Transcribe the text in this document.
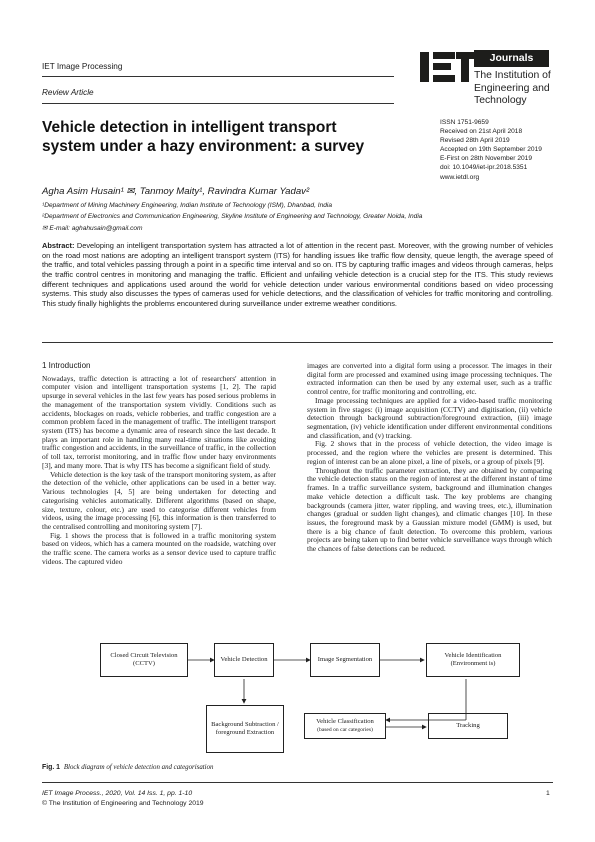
IET Image Processing
Review Article
Journals
The Institution of
Engineering and Technology
Vehicle detection in intelligent transport
system under a hazy environment: a survey
ISSN 1751-9659
Received on 21st April 2018
Revised 28th April 2019
Accepted on 19th September 2019
E-First on 28th November 2019
doi: 10.1049/iet-ipr.2018.5351
www.ietdl.org
Agha Asim Husain¹ ✉, Tanmoy Maity¹, Ravindra Kumar Yadav²
¹Department of Mining Machinery Engineering, Indian Institute of Technology (ISM), Dhanbad, India
²Department of Electronics and Communication Engineering, Skyline Institute of Engineering and Technology, Greater Noida, India
✉ E-mail: aghahusain@gmail.com
Abstract: Developing an intelligent transportation system has attracted a lot of attention in the recent past. Moreover, with the growing number of vehicles on the road most nations are adopting an intelligent transport system (ITS) for handling issues like traffic flow density, queue length, the average speed of the traffic, and total vehicles passing through a point in a specific time interval and so on. ITS by capturing traffic images and videos through cameras, helps the traffic control centres in monitoring and managing the traffic. Efficient and unfailing vehicle detection is a crucial step for the ITS. This study reviews different techniques and applications used around the world for vehicle detection under various environmental conditions based on video processing systems. This study also discusses the types of cameras used for vehicle detections, and the classification of vehicles for traffic monitoring and controlling. This study finally highlights the problems encountered during surveillance under extreme weather conditions.
1 Introduction

Nowadays, traffic detection is attracting a lot of researchers' attention in computer vision and intelligent transportation systems [1, 2]. The rapid upsurge in several vehicles in the last few years has posed serious problems in the management of the transportation system vividly. Conditions such as accidents, blockages on roads, vehicle robberies, and traffic congestion are a common problem faced in the management of traffic. The intelligent transport system (ITS) has become a dynamic area of research since the last decade. It plays an important role in handling many real-time situations like avoiding traffic congestion and accidents, in the surveillance of traffic, in the collection of toll tax, terrorist monitoring, and in traffic flow under hazy environments [3], and many more. That is why ITS has become a significant field of study.

Vehicle detection is the key task of the transport monitoring system, as after the detection of the vehicle, other applications can be used in a better way. Various technologies [4, 5] are being undertaken for detecting and categorising vehicles automatically. Different algorithms (based on shape, size, texture, colour, etc.) are used to categorise different vehicles from videos, using the image processing [6], this information is then transferred to the centralised controlling and monitoring system [7].

Fig. 1 shows the process that is followed in a traffic monitoring system based on videos, which has a camera mounted on the roadside, watching over the traffic scene. The camera works as a sensor device used to capture traffic videos. The captured video

images are converted into a digital form using a processor. The images in their digital form are processed and examined using image processing techniques. The extracted information can then be used by any external user, such as a traffic control centre, for traffic monitoring and controlling, etc.

Image processing techniques are applied for a video-based traffic monitoring system in five stages: (i) image acquisition (CCTV) and digitisation, (ii) vehicle detection through background subtraction/foreground extraction, (iii) image segmentation, (iv) vehicle identification under different environmental conditions and classification, and (v) tracking.

Fig. 2 shows that in the process of vehicle detection, the video image is processed, and the region where the vehicles are present is determined. This region of interest can be an alone pixel, a line of pixels, or a group of pixels [9].

Throughout the traffic parameter extraction, they are obtained by comparing the vehicle detection status on the region of interest at the different instant of time frames. In a traffic surveillance system, background and illumination changes make vehicle detection a difficult task. The key problems are changing backgrounds (camera jitter, water rippling, and waving trees, etc.), illumination changes (gradual or sudden light changes), and climatic changes [10]. In these issues, the foreground mask by a Gaussian mixture model (GMM) is used, but there is a big chance of fault detection. To overcome this problem, various projects are being taken up to find better vehicle surveillance ways through which the chances of false detections can be reduced.

Closed Circuit Television (CCTV)
Vehicle Detection	Image Segmentation
Vehicle Identification (Environment is)
Background Subtraction / foreground Extraction
Vehicle Classification
(based on car categories)
Tracking
Fig. 1 Block diagram of vehicle detection and categorisation
IET Image Process., 2020, Vol. 14 Iss. 1, pp. 1-10
© The Institution of Engineering and Technology 2019
1
